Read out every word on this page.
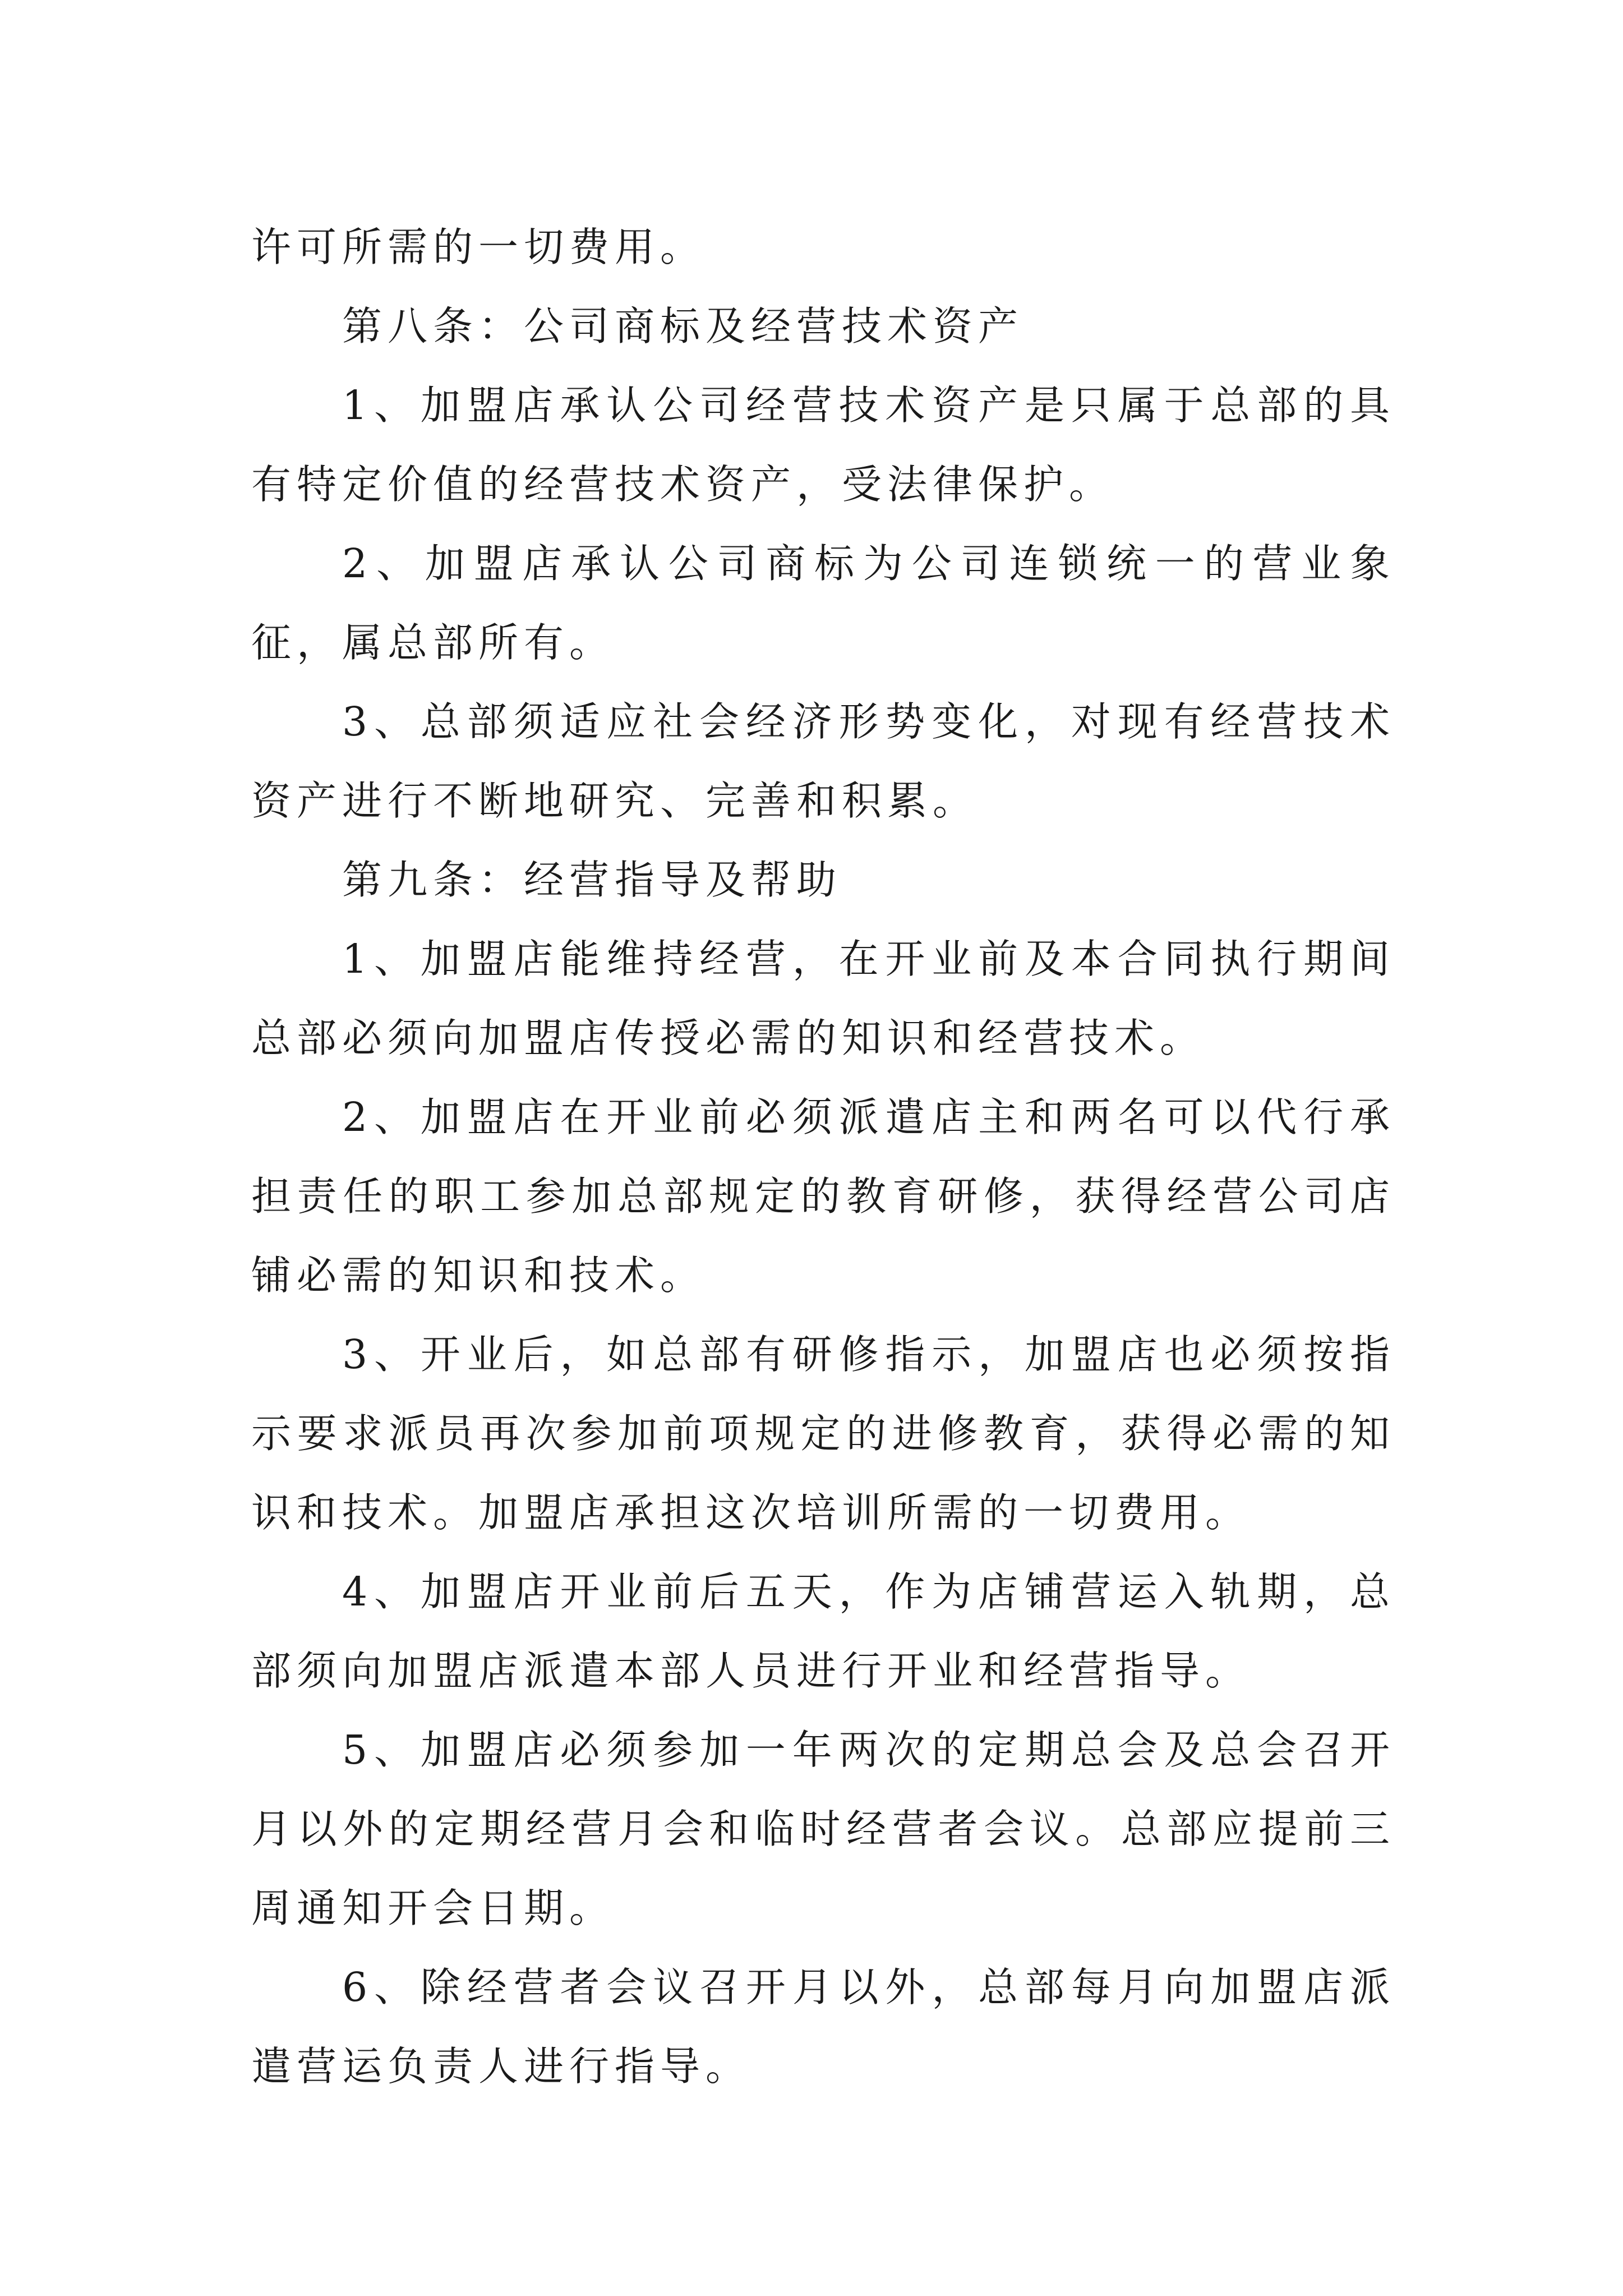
许可所需的一切费用。

第八条：公司商标及经营技术资产

1、加盟店承认公司经营技术资产是只属于总部的具有特定价值的经营技术资产，受法律保护。

2、加盟店承认公司商标为公司连锁统一的营业象征，属总部所有。

3、总部须适应社会经济形势变化，对现有经营技术资产进行不断地研究、完善和积累。

第九条：经营指导及帮助

1、加盟店能维持经营，在开业前及本合同执行期间总部必须向加盟店传授必需的知识和经营技术。

2、加盟店在开业前必须派遣店主和两名可以代行承担责任的职工参加总部规定的教育研修，获得经营公司店铺必需的知识和技术。

3、开业后，如总部有研修指示，加盟店也必须按指示要求派员再次参加前项规定的进修教育，获得必需的知识和技术。加盟店承担这次培训所需的一切费用。

4、加盟店开业前后五天，作为店铺营运入轨期，总部须向加盟店派遣本部人员进行开业和经营指导。

5、加盟店必须参加一年两次的定期总会及总会召开月以外的定期经营月会和临时经营者会议。总部应提前三周通知开会日期。

6、除经营者会议召开月以外，总部每月向加盟店派遣营运负责人进行指导。
